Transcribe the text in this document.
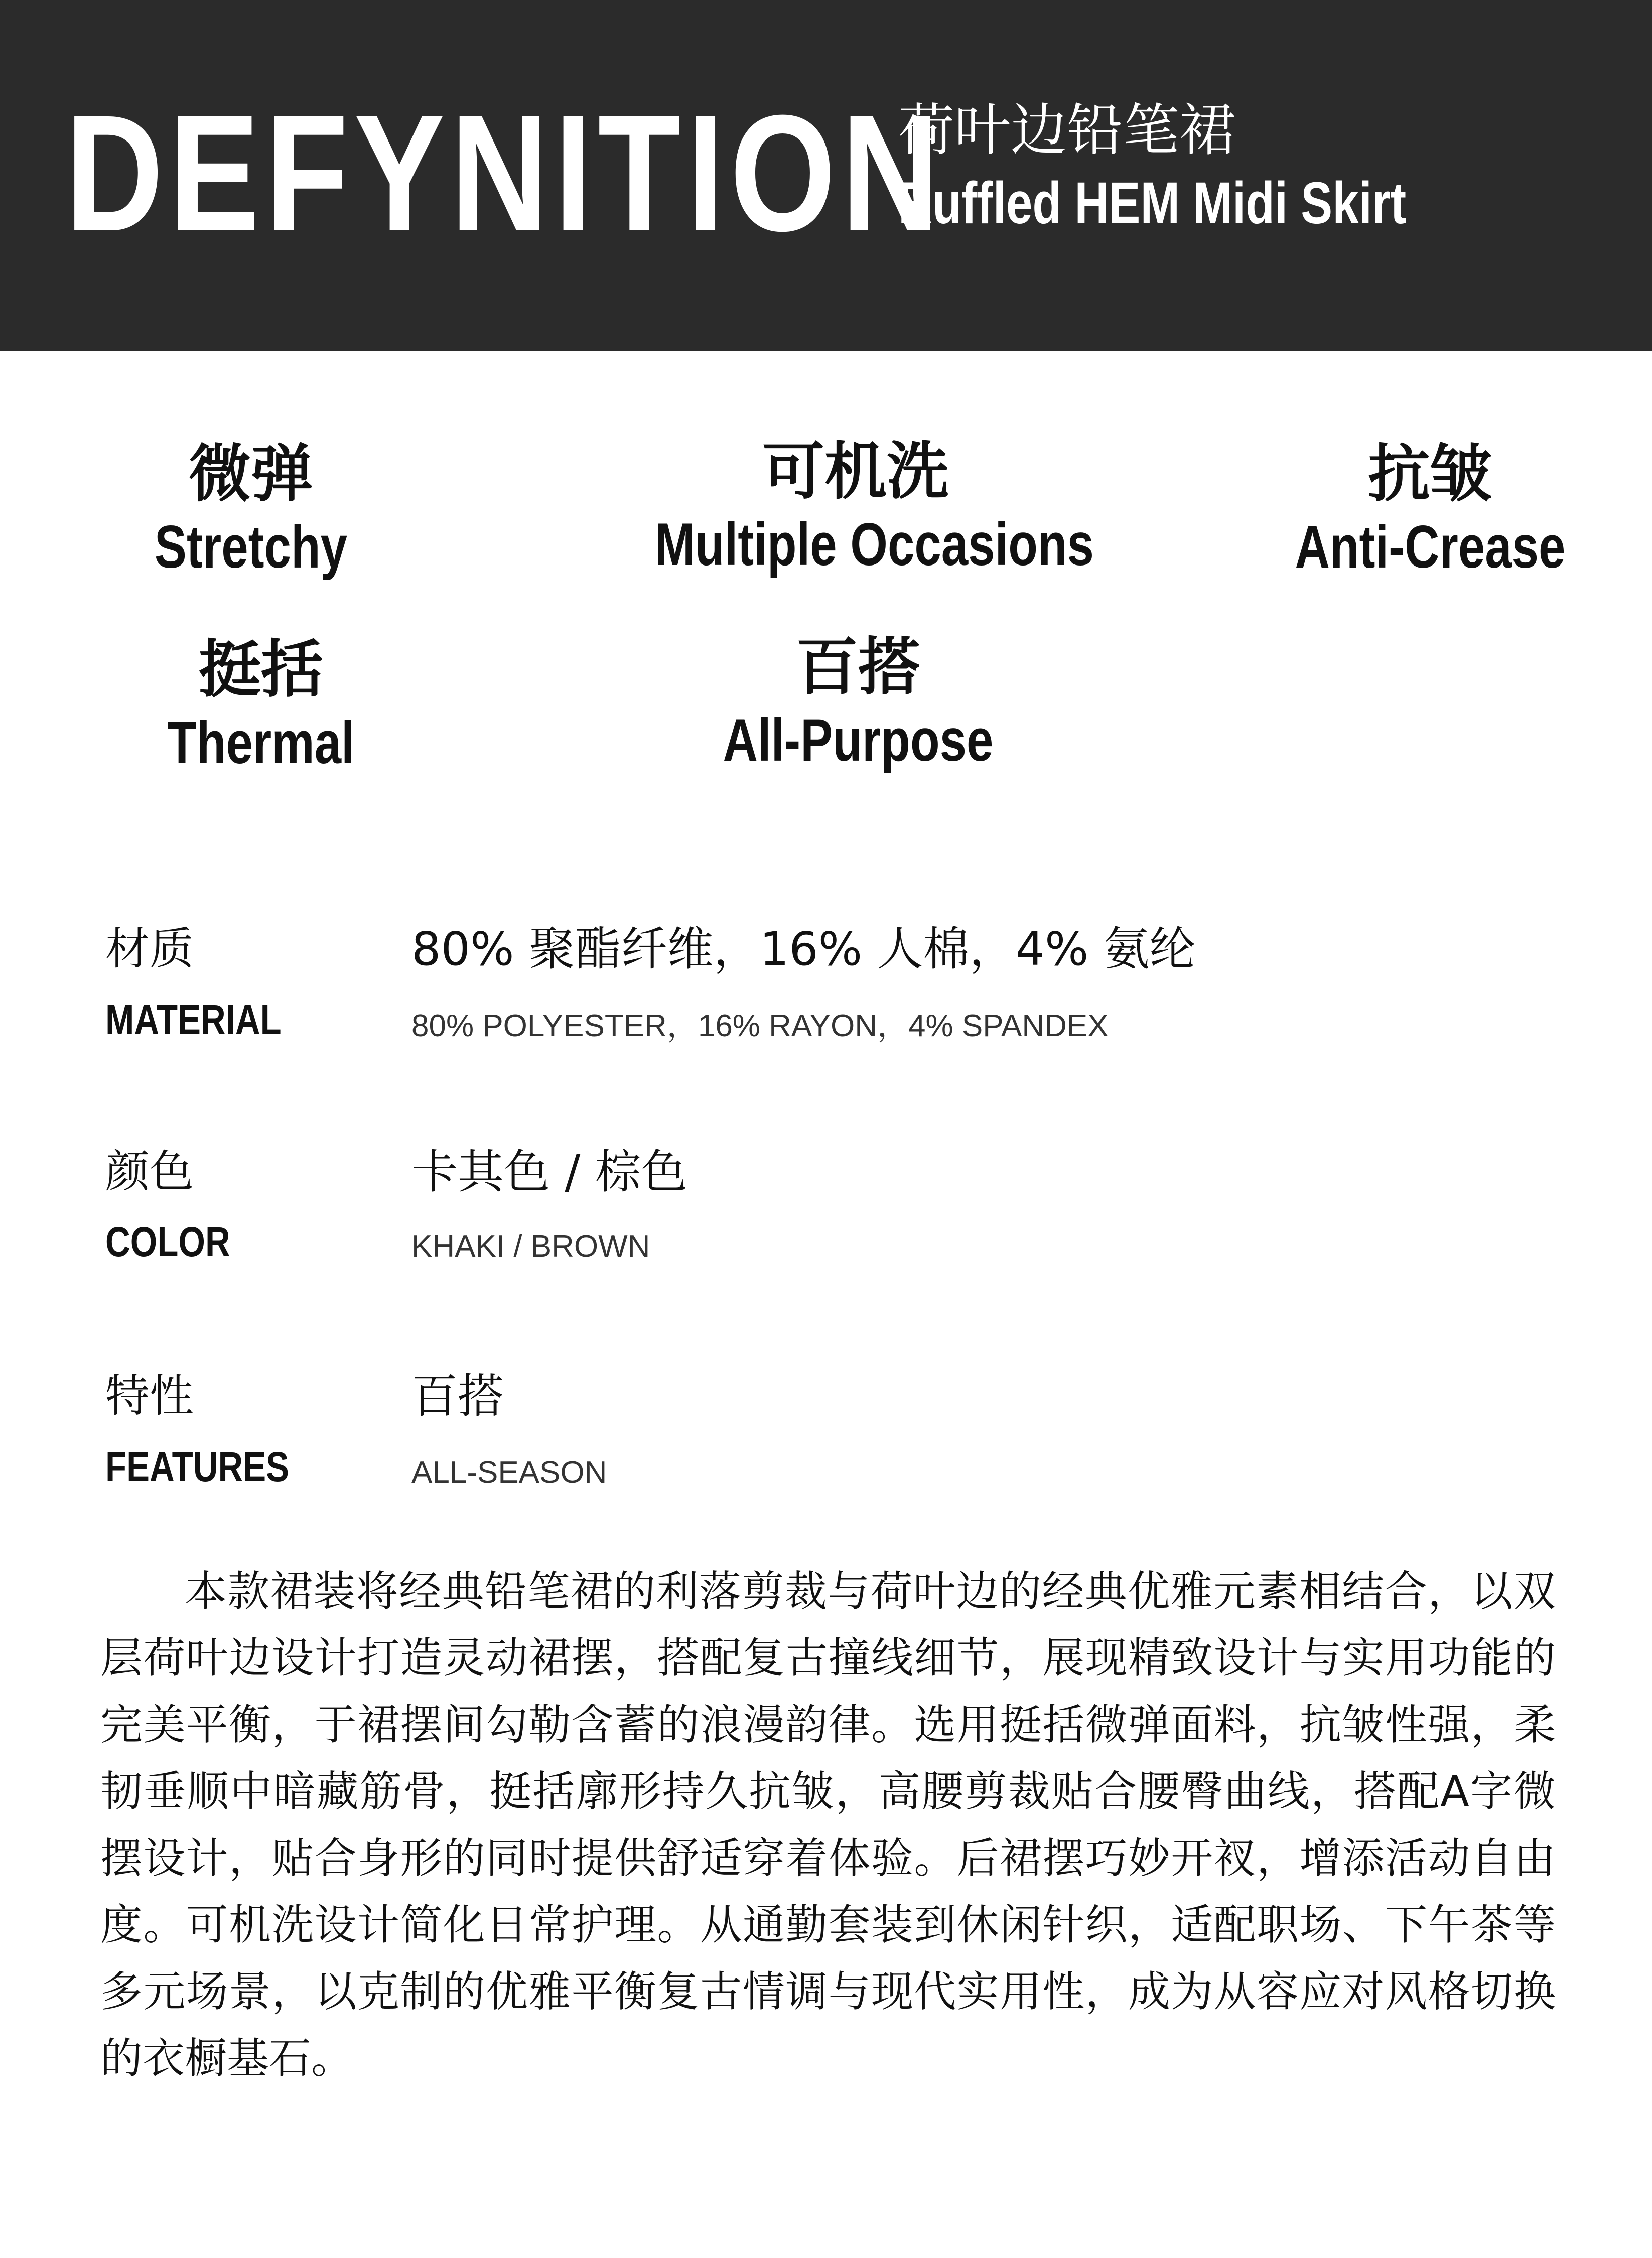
DEFYNITION
荷叶边铅笔裙
Ruffled HEM Midi Skirt
微弹
Stretchy
可机洗
Multiple Occasions
抗皱
Anti-Crease
挺括
Thermal
百搭
All-Purpose
材质
MATERIAL
80% 聚酯纤维，16% 人棉，4% 氨纶
80% POLYESTER，16% RAYON，4% SPANDEX
颜色
COLOR
卡其色 / 棕色
KHAKI / BROWN
特性
FEATURES
百搭
ALL-SEASON
本款裙装将经典铅笔裙的利落剪裁与荷叶边的经典优雅元素相结合，以双层荷叶边设计打造灵动裙摆，搭配复古撞线细节，展现精致设计与实用功能的完美平衡，于裙摆间勾勒含蓄的浪漫韵律。选用挺括微弹面料，抗皱性强，柔韧垂顺中暗藏筋骨，挺括廓形持久抗皱，高腰剪裁贴合腰臀曲线，搭配A字微摆设计，贴合身形的同时提供舒适穿着体验。后裙摆巧妙开衩，增添活动自由度。可机洗设计简化日常护理。从通勤套装到休闲针织，适配职场、下午茶等多元场景，以克制的优雅平衡复古情调与现代实用性，成为从容应对风格切换的衣橱基石。
